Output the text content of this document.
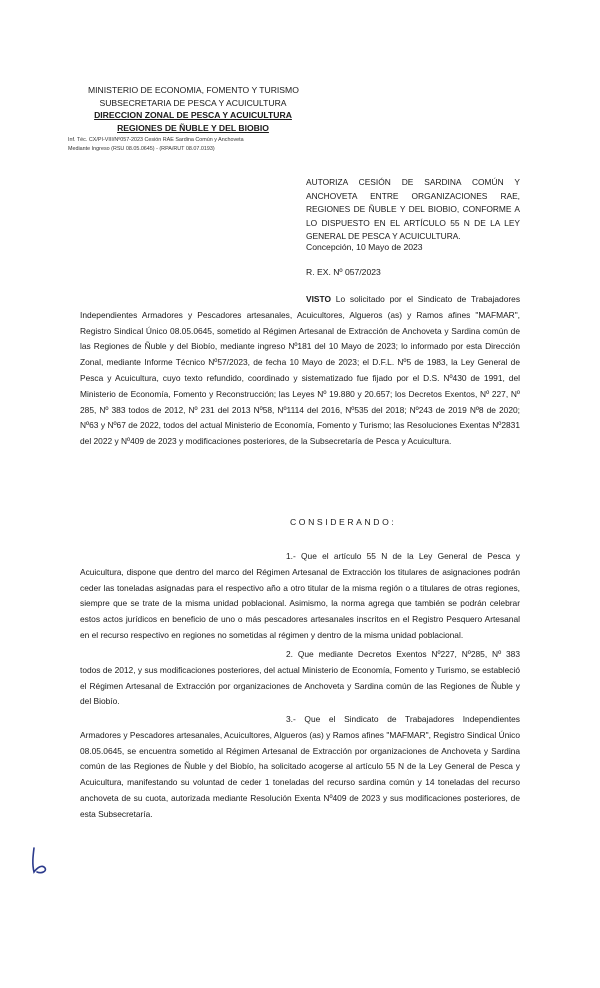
MINISTERIO DE ECONOMIA, FOMENTO Y TURISMO
SUBSECRETARIA DE PESCA Y ACUICULTURA
DIRECCION ZONAL DE PESCA Y ACUICULTURA
REGIONES DE ÑUBLE Y DEL BIOBIO
Inf. Téc. CX/PI-VIII/Nº057-2023 Cesión RAE Sardina Común y Anchoveta
Mediante Ingreso (RSU 08.05.0645) - (RPA/RUT 08.07.0193)
AUTORIZA CESIÓN DE SARDINA COMÚN Y ANCHOVETA ENTRE ORGANIZACIONES RAE, REGIONES DE ÑUBLE Y DEL BIOBIO, CONFORME A LO DISPUESTO EN EL ARTÍCULO 55 N DE LA LEY GENERAL DE PESCA Y ACUICULTURA.
Concepción, 10 Mayo de 2023
R. EX. Nº 057/2023
VISTO Lo solicitado por el Sindicato de Trabajadores Independientes Armadores y Pescadores artesanales, Acuicultores, Algueros (as) y Ramos afines "MAFMAR", Registro Sindical Único 08.05.0645, sometido al Régimen Artesanal de Extracción de Anchoveta y Sardina común de las Regiones de Ñuble y del Biobío, mediante ingreso Nº181 del 10 Mayo de 2023; lo informado por esta Dirección Zonal, mediante Informe Técnico Nº57/2023, de fecha 10 Mayo de 2023; el D.F.L. Nº5 de 1983, la Ley General de Pesca y Acuicultura, cuyo texto refundido, coordinado y sistematizado fue fijado por el D.S. Nº430 de 1991, del Ministerio de Economía, Fomento y Reconstrucción; las Leyes Nº 19.880 y 20.657; los Decretos Exentos, Nº 227, Nº 285, Nº 383 todos de 2012, Nº 231 del 2013 Nº58, Nº1114 del 2016, Nº535 del 2018; Nº243 de 2019 Nº8 de 2020; Nº63 y Nº67 de 2022, todos del actual Ministerio de Economía, Fomento y Turismo; las Resoluciones Exentas Nº2831 del 2022 y Nº409 de 2023 y modificaciones posteriores, de la Subsecretaría de Pesca y Acuicultura.
CONSIDERANDO:
1.- Que el artículo 55 N de la Ley General de Pesca y Acuicultura, dispone que dentro del marco del Régimen Artesanal de Extracción los titulares de asignaciones podrán ceder las toneladas asignadas para el respectivo año a otro titular de la misma región o a titulares de otras regiones, siempre que se trate de la misma unidad poblacional. Asimismo, la norma agrega que también se podrán celebrar estos actos jurídicos en beneficio de uno o más pescadores artesanales inscritos en el Registro Pesquero Artesanal en el recurso respectivo en regiones no sometidas al régimen y dentro de la misma unidad poblacional.
2. Que mediante Decretos Exentos Nº227, Nº285, Nº 383 todos de 2012, y sus modificaciones posteriores, del actual Ministerio de Economía, Fomento y Turismo, se estableció el Régimen Artesanal de Extracción por organizaciones de Anchoveta y Sardina común de las Regiones de Ñuble y del Biobío.
3.- Que el Sindicato de Trabajadores Independientes Armadores y Pescadores artesanales, Acuicultores, Algueros (as) y Ramos afines "MAFMAR", Registro Sindical Único 08.05.0645, se encuentra sometido al Régimen Artesanal de Extracción por organizaciones de Anchoveta y Sardina común de las Regiones de Ñuble y del Biobío, ha solicitado acogerse al artículo 55 N de la Ley General de Pesca y Acuicultura, manifestando su voluntad de ceder 1 toneladas del recurso sardina común y 14 toneladas del recurso anchoveta de su cuota, autorizada mediante Resolución Exenta Nº409 de 2023 y sus modificaciones posteriores, de esta Subsecretaría.
